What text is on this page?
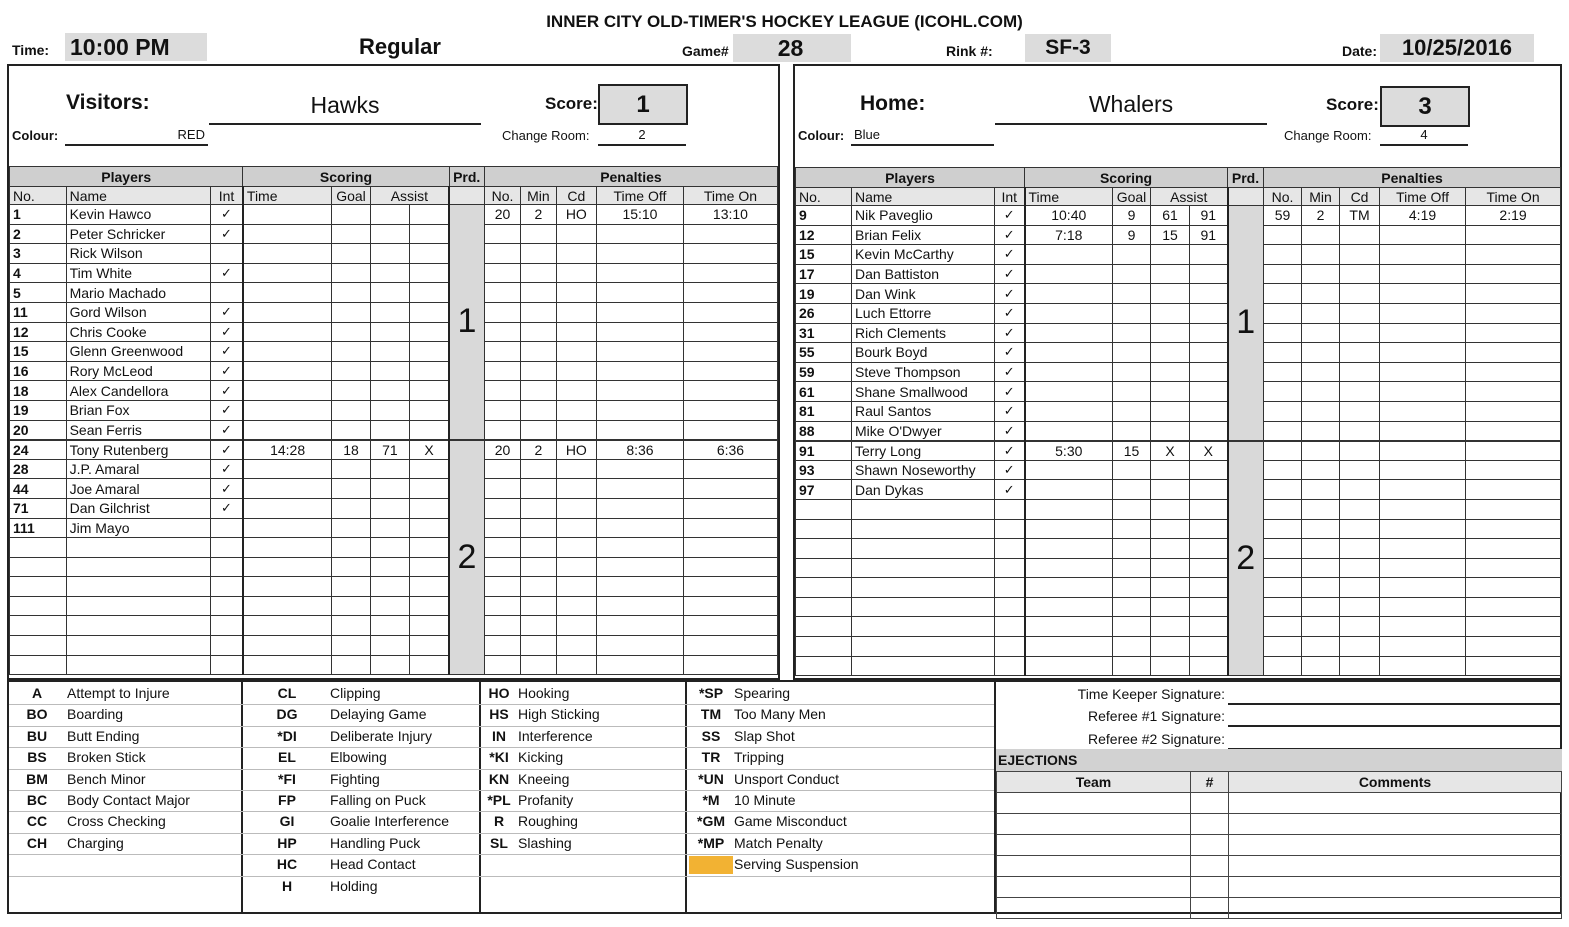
INNER CITY OLD-TIMER'S HOCKEY LEAGUE (ICOHL.COM)
Time: 10:00 PM	Regular	Game#	28	Rink #:	SF-3	Date:	10/25/2016
Visitors:	Hawks	Score:	1
Colour:	RED	Change Room:	2
Players			Scoring				Prd.	Penalties				
No.	Name	Int	Time	Goal	Assist			No.	Min	Cd	Time Off	Time On
1	Kevin Hawco	✓					1	20	2	HO	15:10	13:10
2	Peter Schricker	✓										
3	Rick Wilson											
4	Tim White	✓										
5	Mario Machado											
11	Gord Wilson	✓										
12	Chris Cooke	✓										
15	Glenn Greenwood	✓										
16	Rory McLeod	✓										
18	Alex Candellora	✓										
19	Brian Fox	✓										
20	Sean Ferris	✓										
24	Tony Rutenberg	✓	14:28	18	71	X	2	20	2	HO	8:36	6:36
28	J.P. Amaral	✓										
44	Joe Amaral	✓										
71	Dan Gilchrist	✓										
111	Jim Mayo											

Home:	Whalers	Score:	3
Colour: Blue	Change Room:	4
Players			Scoring				Prd.	Penalties				
No.	Name	Int	Time	Goal	Assist			No.	Min	Cd	Time Off	Time On
9	Nik Paveglio	✓	10:40	9	61	91	1	59	2	TM	4:19	2:19
12	Brian Felix	✓	7:18	9	15	91						
15	Kevin McCarthy	✓										
17	Dan Battiston	✓										
19	Dan Wink	✓										
26	Luch Ettorre	✓										
31	Rich Clements	✓										
55	Bourk Boyd	✓										
59	Steve Thompson	✓										
61	Shane Smallwood	✓										
81	Raul Santos	✓										
88	Mike O'Dwyer	✓										
91	Terry Long	✓	5:30	15	X	X	2					
93	Shawn Noseworthy	✓										
97	Dan Dykas	✓										

A	Attempt to Injure
BO	Boarding
BU	Butt Ending
BS	Broken Stick
BM	Bench Minor
BC	Body Contact Major
CC	Cross Checking
CH	Charging
CL	Clipping
DG	Delaying Game
*DI	Deliberate Injury
EL	Elbowing
*FI	Fighting
FP	Falling on Puck
GI	Goalie Interference
HP	Handling Puck
HC	Head Contact
H	Holding
HO Hooking
HS High Sticking
IN Interference
*KI Kicking
KN Kneeing
*PL Profanity
R Roughing
SL Slashing
*SP Spearing
TM Too Many Men
SS Slap Shot
TR Tripping
*UN Unsport Conduct
*M	10 Minute
*GM Game Misconduct
*MP Match Penalty
Serving Suspension
Time Keeper Signature:
Referee #1 Signature:
Referee #2 Signature:
EJECTIONS
Team	#	Comments
